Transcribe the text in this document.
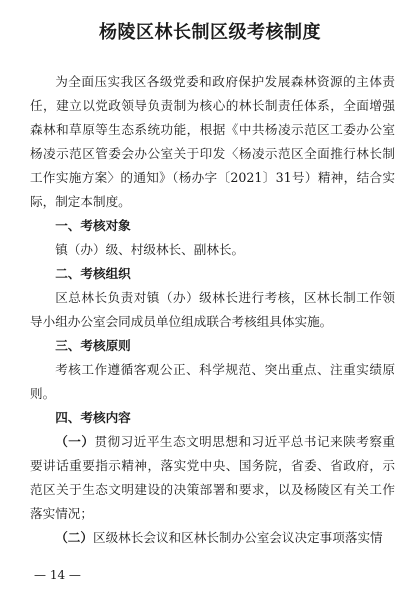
杨陵区林长制区级考核制度

为全面压实我区各级党委和政府保护发展森林资源的主体责任，建立以党政领导负责制为核心的林长制责任体系，全面增强森林和草原等生态系统功能，根据《中共杨凌示范区工委办公室杨凌示范区管委会办公室关于印发〈杨凌示范区全面推行林长制工作实施方案〉的通知》（杨办字〔2021〕31号）精神，结合实际，制定本制度。

一、考核对象

镇（办）级、村级林长、副林长。

二、考核组织

区总林长负责对镇（办）级林长进行考核，区林长制工作领导小组办公室会同成员单位组成联合考核组具体实施。

三、考核原则

考核工作遵循客观公正、科学规范、突出重点、注重实绩原则。

四、考核内容

（一）贯彻习近平生态文明思想和习近平总书记来陕考察重要讲话重要指示精神，落实党中央、国务院，省委、省政府，示范区关于生态文明建设的决策部署和要求，以及杨陵区有关工作落实情况；

（二）区级林长会议和区林长制办公室会议决定事项落实情

— 14 —
